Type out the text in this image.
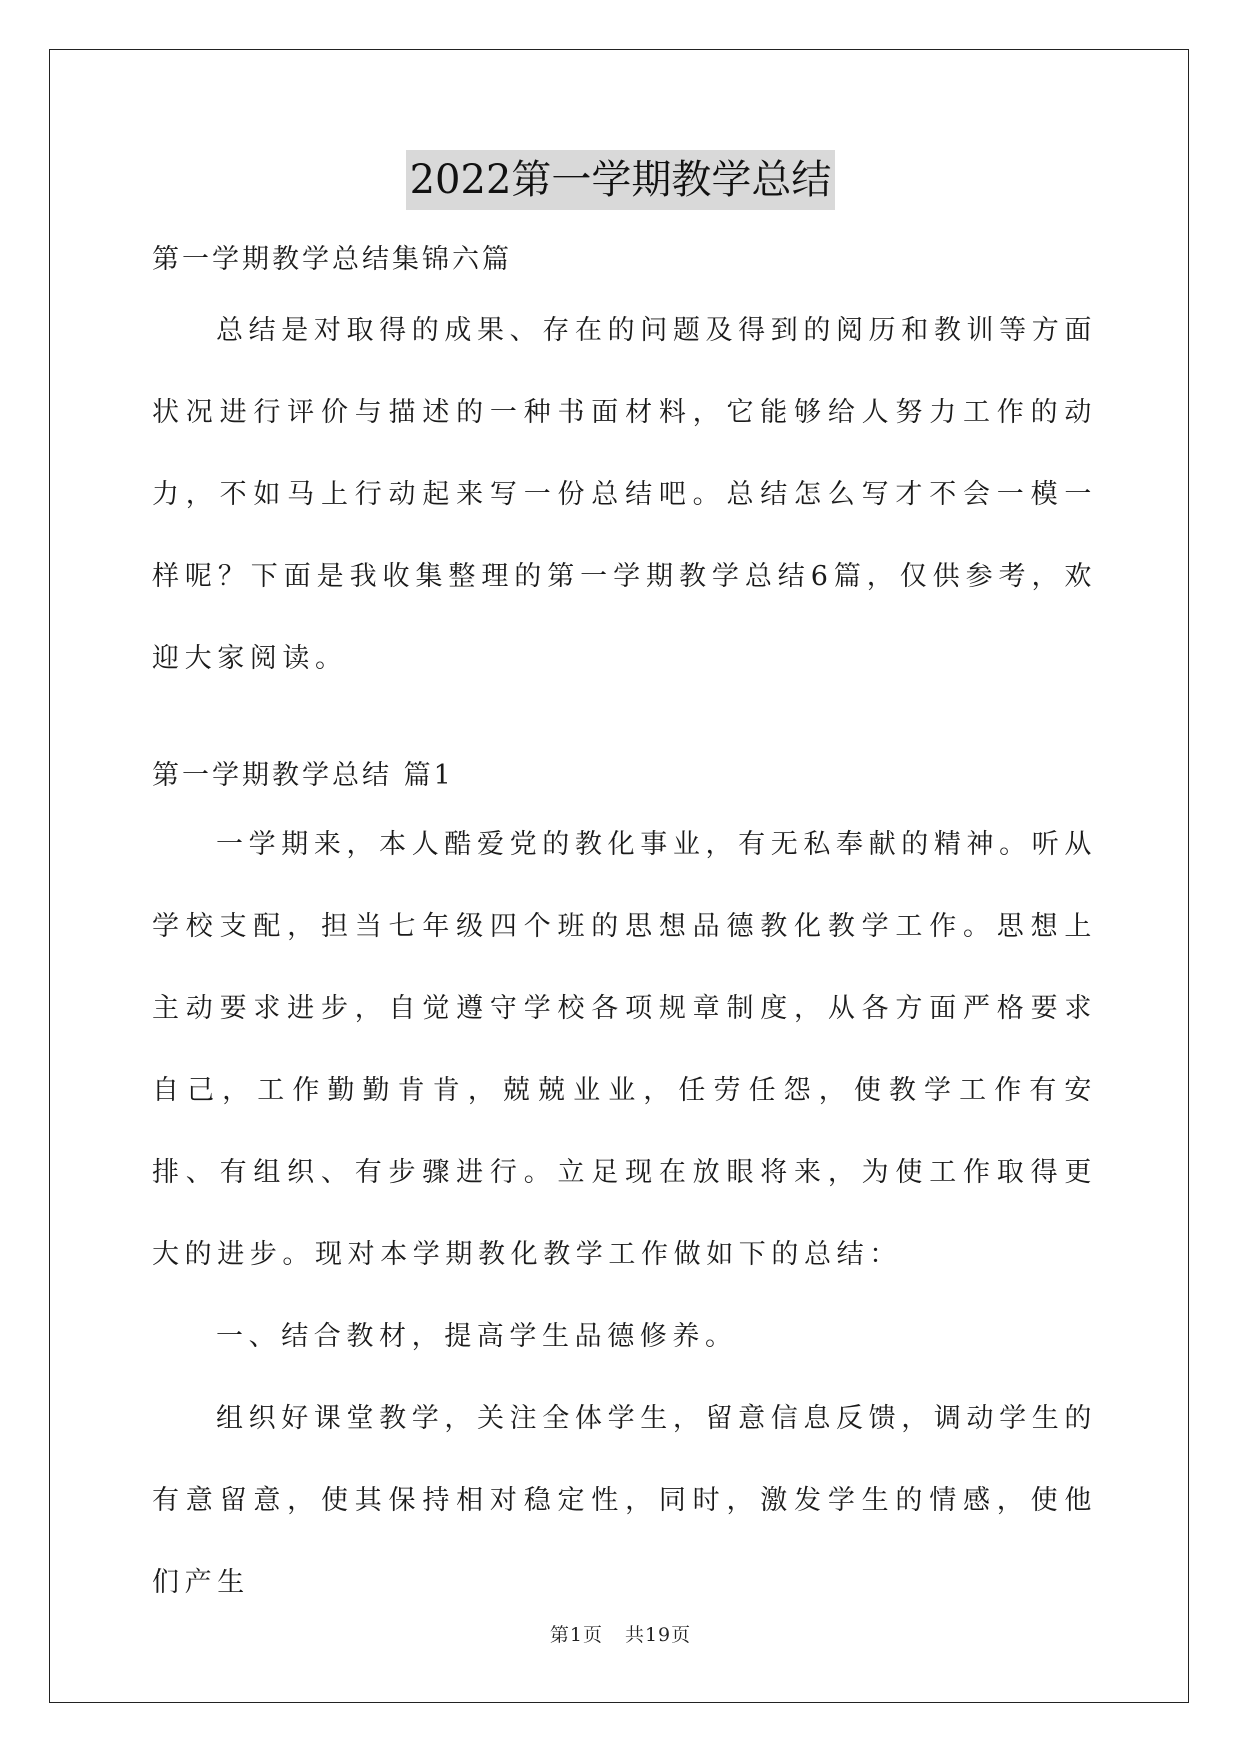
2022第一学期教学总结
第一学期教学总结集锦六篇
总结是对取得的成果、存在的问题及得到的阅历和教训等方面状况进行评价与描述的一种书面材料，它能够给人努力工作的动力，不如马上行动起来写一份总结吧。总结怎么写才不会一模一样呢？下面是我收集整理的第一学期教学总结6篇，仅供参考，欢迎大家阅读。
第一学期教学总结 篇1
一学期来，本人酷爱党的教化事业，有无私奉献的精神。听从学校支配，担当七年级四个班的思想品德教化教学工作。思想上主动要求进步，自觉遵守学校各项规章制度，从各方面严格要求自己，工作勤勤肯肯，兢兢业业，任劳任怨，使教学工作有安排、有组织、有步骤进行。立足现在放眼将来，为使工作取得更大的进步。现对本学期教化教学工作做如下的总结：
一、结合教材，提高学生品德修养。
组织好课堂教学，关注全体学生，留意信息反馈，调动学生的有意留意，使其保持相对稳定性，同时，激发学生的情感，使他们产生
第1页 共19页
